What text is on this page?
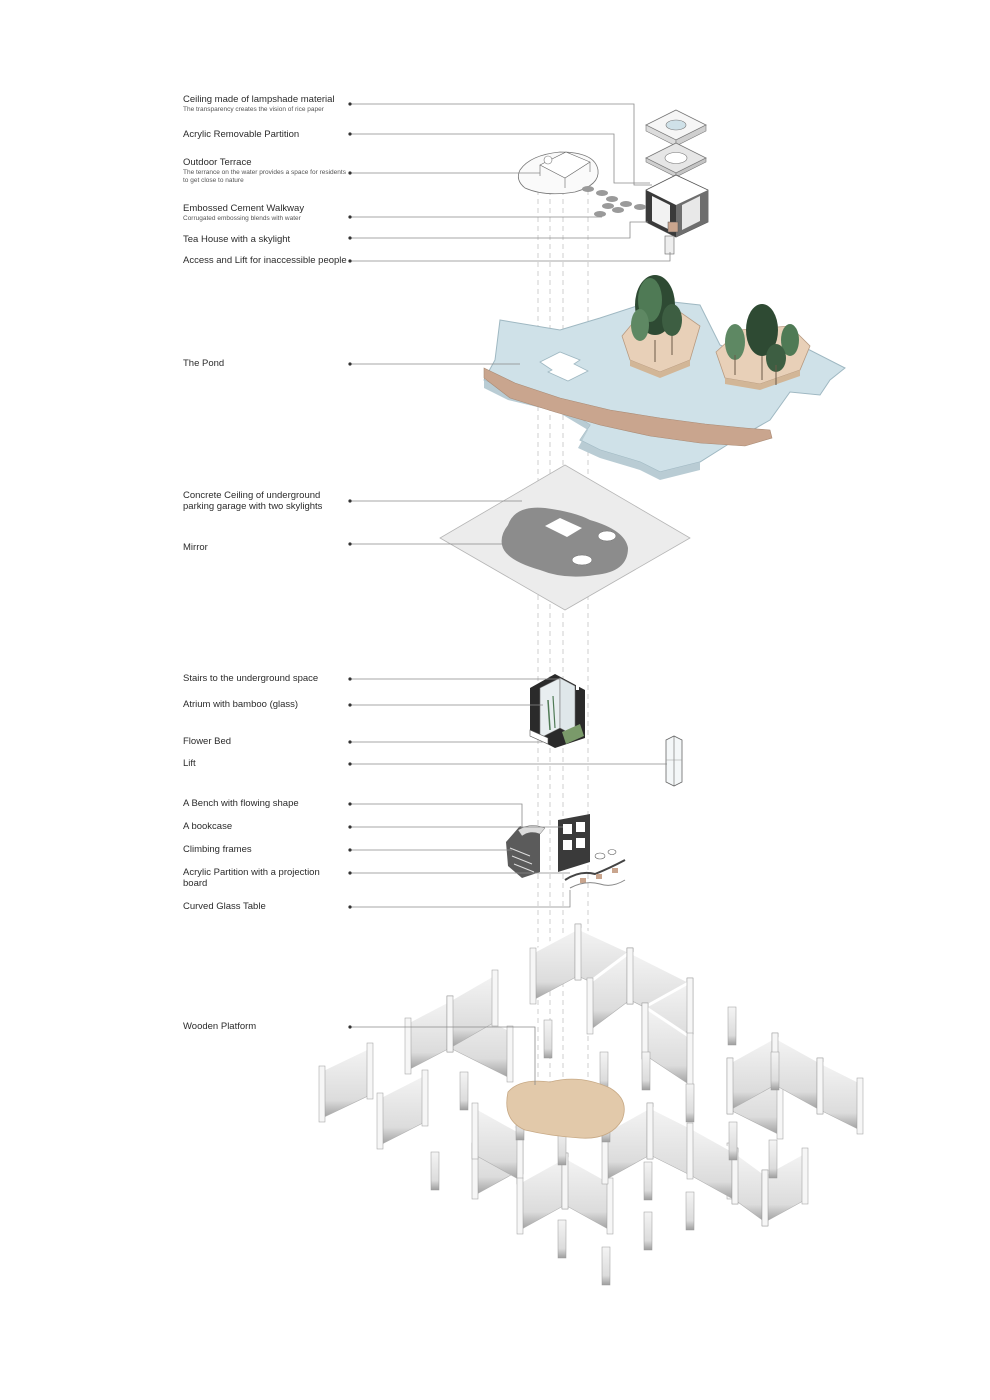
Ceiling made of lampshade material
The transparency creates the vision of rice paper
Acrylic Removable Partition
Outdoor Terrace
The terrance on the water provides a space for residents to get close to nature
Embossed Cement Walkway
Corrugated embossing blends with water
Tea House with a skylight
Access and Lift for inaccessible people
The Pond
Concrete Ceiling of underground
parking garage with two skylights
Mirror
Stairs to the underground space
Atrium with bamboo (glass)
Flower Bed
Lift
A Bench with flowing shape
A bookcase
Climbing frames
Acrylic Partition with a projection
board
Curved Glass Table
Wooden Platform
